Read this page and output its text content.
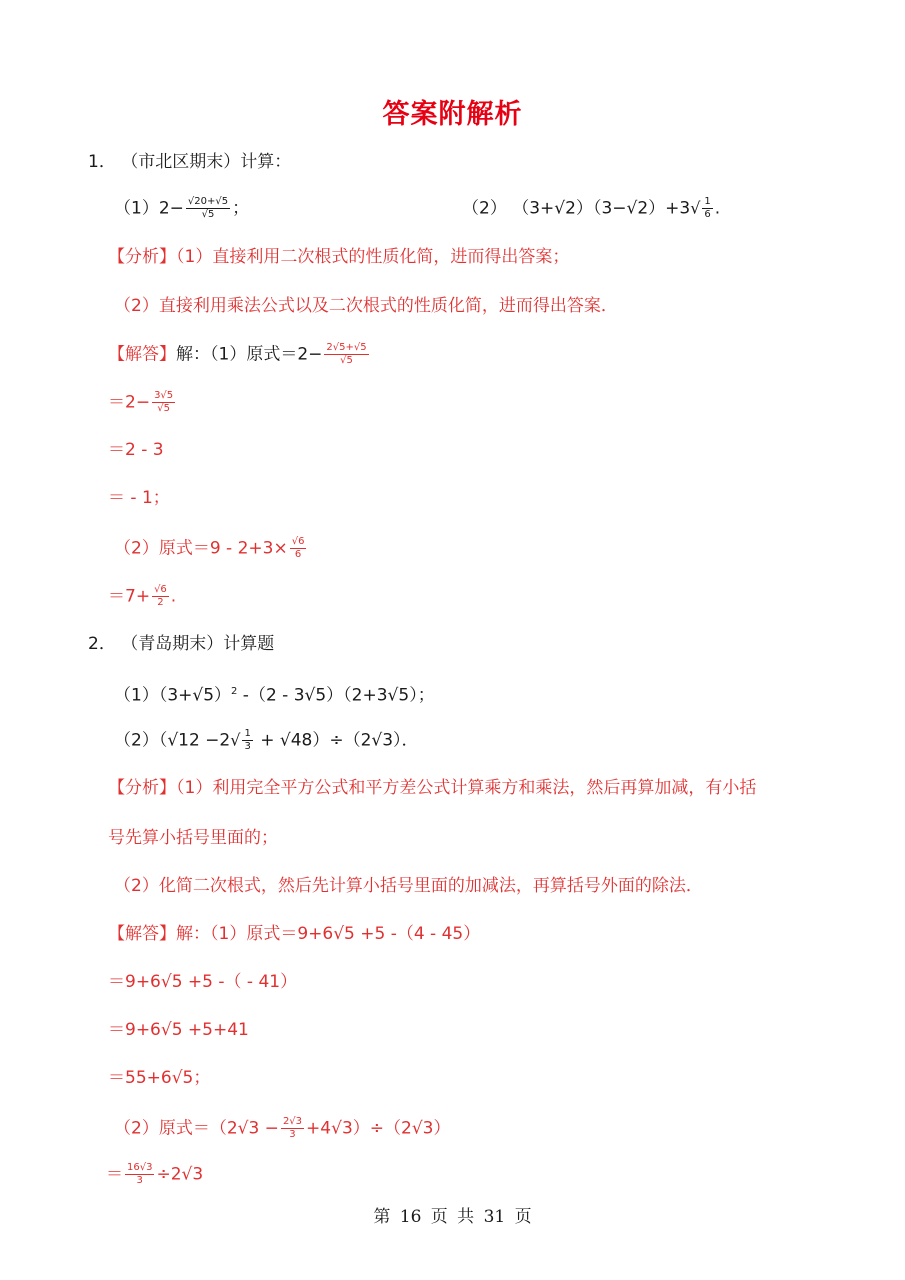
答案附解析
1． （市北区期末）计算：
$(1)2- \frac{√20+√5}{√5}$ ；	（2） $(3+√2)(3-√2)+3√ \frac{1}{6}$ .
【分析】（1）直接利用二次根式的性质化简，进而得出答案；
（2）直接利用乘法公式以及二次根式的性质化简，进而得出答案．
【解答】解：（1）原式$=2- \frac{2√5+√5}{√5}$
$=2- \frac{3√5}{√5}$
＝2 - 3
＝ - 1；
（2）原式$=9 - 2+3\times \frac{√6}{6}$
$=7+ \frac{√6}{2}$ .
2． （青岛期末）计算题
$(1)(3+√5)^2$ -（2 - 3√5）（2+3√5）；
$(2)(√12 -2√ \frac{1}{3} + √48)\div(2√3)$．
【分析】（1）利用完全平方公式和平方差公式计算乘方和乘法，然后再算加减，有小括
号先算小括号里面的；
（2）化简二次根式，然后先计算小括号里面的加减法，再算括号外面的除法．
【解答】解：（1）原式＝9+6√5 +5 -（4 - 45）
＝9+6√5 +5 -（ - 41）
＝9+6√5 +5+41
＝55+6√5；
（2）原式$=(2√3 - \frac{2√3}{3} +4√3)\div(2√3)$
＝ $\frac{16√3}{3} \div 2√3$
第 16 页 共 31 页
